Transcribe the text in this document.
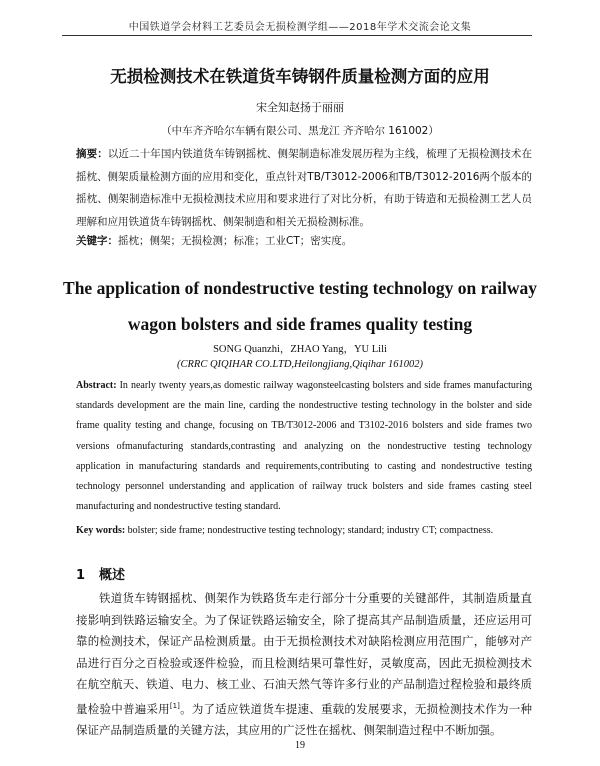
中国铁道学会材料工艺委员会无损检测学组——2018年学术交流会论文集
无损检测技术在铁道货车铸钢件质量检测方面的应用
宋全知赵扬于丽丽
（中车齐齐哈尔车辆有限公司、黑龙江 齐齐哈尔 161002）
摘要：以近二十年国内铁道货车铸钢摇枕、侧架制造标准发展历程为主线，梳理了无损检测技术在摇枕、侧架质量检测方面的应用和变化，重点针对TB/T3012-2006和TB/T3012-2016两个版本的摇枕、侧架制造标准中无损检测技术应用和要求进行了对比分析，有助于铸造和无损检测工艺人员理解和应用铁道货车铸钢摇枕、侧架制造和相关无损检测标准。
关键字：摇枕；侧架；无损检测；标准；工业CT；密实度。
The application of nondestructive testing technology on railway wagon bolsters and side frames quality testing
SONG Quanzhi，ZHAO Yang，YU Lili
(CRRC QIQIHAR CO.LTD,Heilongjiang,Qiqihar 161002)
Abstract: In nearly twenty years,as domestic railway wagonsteelcasting bolsters and side frames manufacturing standards development are the main line, carding the nondestructive testing technology in the bolster and side frame quality testing and change, focusing on TB/T3012-2006 and T3102-2016 bolsters and side frames two versions ofmanufacturing standards,contrasting and analyzing on the nondestructive testing technology application in manufacturing standards and requirements,contributing to casting and nondestructive testing technology personnel understanding and application of railway truck bolsters and side frames casting steel manufacturing and nondestructive testing standard.
Key words: bolster; side frame; nondestructive testing technology; standard; industry CT; compactness.
1 概述
铁道货车铸钢摇枕、侧架作为铁路货车走行部分十分重要的关键部件，其制造质量直接影响到铁路运输安全。为了保证铁路运输安全，除了提高其产品制造质量，还应运用可靠的检测技术，保证产品检测质量。由于无损检测技术对缺陷检测应用范围广，能够对产品进行百分之百检验或逐件检验，而且检测结果可靠性好，灵敏度高，因此无损检测技术在航空航天、铁道、电力、核工业、石油天然气等许多行业的产品制造过程检验和最终质量检验中普遍采用[1]。为了适应铁道货车提速、重载的发展要求，无损检测技术作为一种保证产品制造质量的关键方法，其应用的广泛性在摇枕、侧架制造过程中不断加强。
19
